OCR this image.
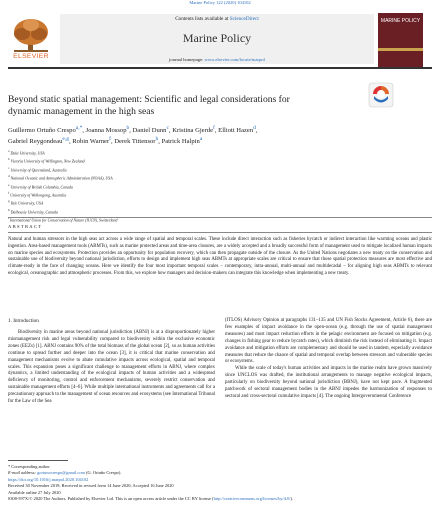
Marine Policy 122 (2020) 104102
Contents lists available at ScienceDirect
Marine Policy
journal homepage: www.elsevier.com/locate/marpol
ELSEVIER
MARINE POLICY
Beyond static spatial management: Scientific and legal considerations for
dynamic management in the high seas
Guillermo Ortuño Crespo$^{a,*}$, Joanna Mossop$^b$, Daniel Dunn$^c$, Kristina Gjerde$^f$, Elliott Hazen$^d$,
Gabriel Reygondeau$^{e,g}$, Robin Warner$^f$, Derek Tittensor$^h$, Patrick Halpin$^a$
$^a$ Duke University, USA
$^b$ Victoria University of Wellington, New Zealand
$^c$ University of Queensland, Australia
$^d$ National Oceanic and Atmospheric Administration (NOAA), USA
$^e$ University of British Columbia, Canada
$^f$ University of Wollongong, Australia
$^g$ Yale University, USA
$^h$ Dalhousie University, Canada
$^i$ International Union for Conservation of Nature (IUCN), Switzerland
ABSTRACT
Natural and human stressors in the high seas act across a wide range of spatial and temporal scales. These include direct interaction such as fisheries bycatch or indirect interaction like warming oceans and plastic ingestion. Area-based management tools (ABMTs), such as marine protected areas and time-area closures, are a widely accepted and a broadly successful form of management used to mitigate localized human impacts on marine species and ecosystems. Protection provides an opportunity for population recovery, which can then propagate outside of the closure. As the United Nations negotiates a new treaty on the conservation and sustainable use of biodiversity beyond national jurisdiction, efforts to design and implement high seas ABMTs at appropriate scales are critical to ensure that those spatial protection measures are most effective and climate-ready in the face of changing oceans. Here we identify the four most important temporal scales – contemporary, intra-annual, multi-annual and multidecadal – for aligning high seas ABMTs to relevant ecological, oceanographic and atmospheric processes. From this, we explore how managers and decision-makers can integrate this knowledge when implementing a new treaty.
1. Introduction

Biodiversity in marine areas beyond national jurisdiction (ABNJ) is at a disproportionately higher mismanagement risk and legal vulnerability compared to biodiversity within the exclusive economic zones (EEZs) [1]. ABNJ contains 90% of the total biomass of the global ocean [2], so as human activities continue to spread further and deeper into the ocean [3], it is critical that marine conservation and management mechanisms evolve to abate cumulative impacts across ecological, spatial and temporal scales. This expansion poses a significant challenge to management efforts in ABNJ, where complex dynamics, a limited understanding of the ecological impacts of human activities and a widespread deficiency of monitoring, control and enforcement mechanisms, severely restrict conservation and sustainable management efforts [4–6]. While multiple international instruments and agreements call for a precautionary approach to the management of ocean resources and ecosystems (see International Tribunal for the Law of the Sea

(ITLOS) Advisory Opinion at paragraphs 131–135 and UN Fish Stocks Agreement, Article 6), there are few examples of impact avoidance in the open-ocean (e.g. through the use of spatial management measures) and most impact reduction efforts in the pelagic environment are focused on mitigation (e.g. changes in fishing gear to reduce bycatch rates), which diminish the risk instead of eliminating it. Impact avoidance and mitigation efforts are complementary and should be used in tandem, especially avoidance measures that reduce the chance of spatial and temporal overlap between stressors and vulnerable species or ecosystems.

While the scale of today's human activities and impacts in the marine realm have grown massively since UNCLOS was drafted, the institutional arrangements to manage negative ecological impacts, particularly on biodiversity beyond national jurisdiction (BBNJ), have not kept pace. A fragmented patchwork of sectoral management bodies in the ABNJ impedes the harmonization of responses to sectoral and cross-sectoral cumulative impacts [4]. The ongoing Intergovernmental Conference

* Corresponding author.
E-mail address: gortunocrespo@gmail.com (G. Ortuño Crespo).
https://doi.org/10.1016/j.marpol.2020.104102
Received 30 November 2019; Received in revised form 14 June 2020; Accepted 16 June 2020
Available online 27 July 2020
0308-597X/© 2020 The Authors. Published by Elsevier Ltd. This is an open access article under the CC BY license (http://creativecommons.org/licenses/by/4.0/).
